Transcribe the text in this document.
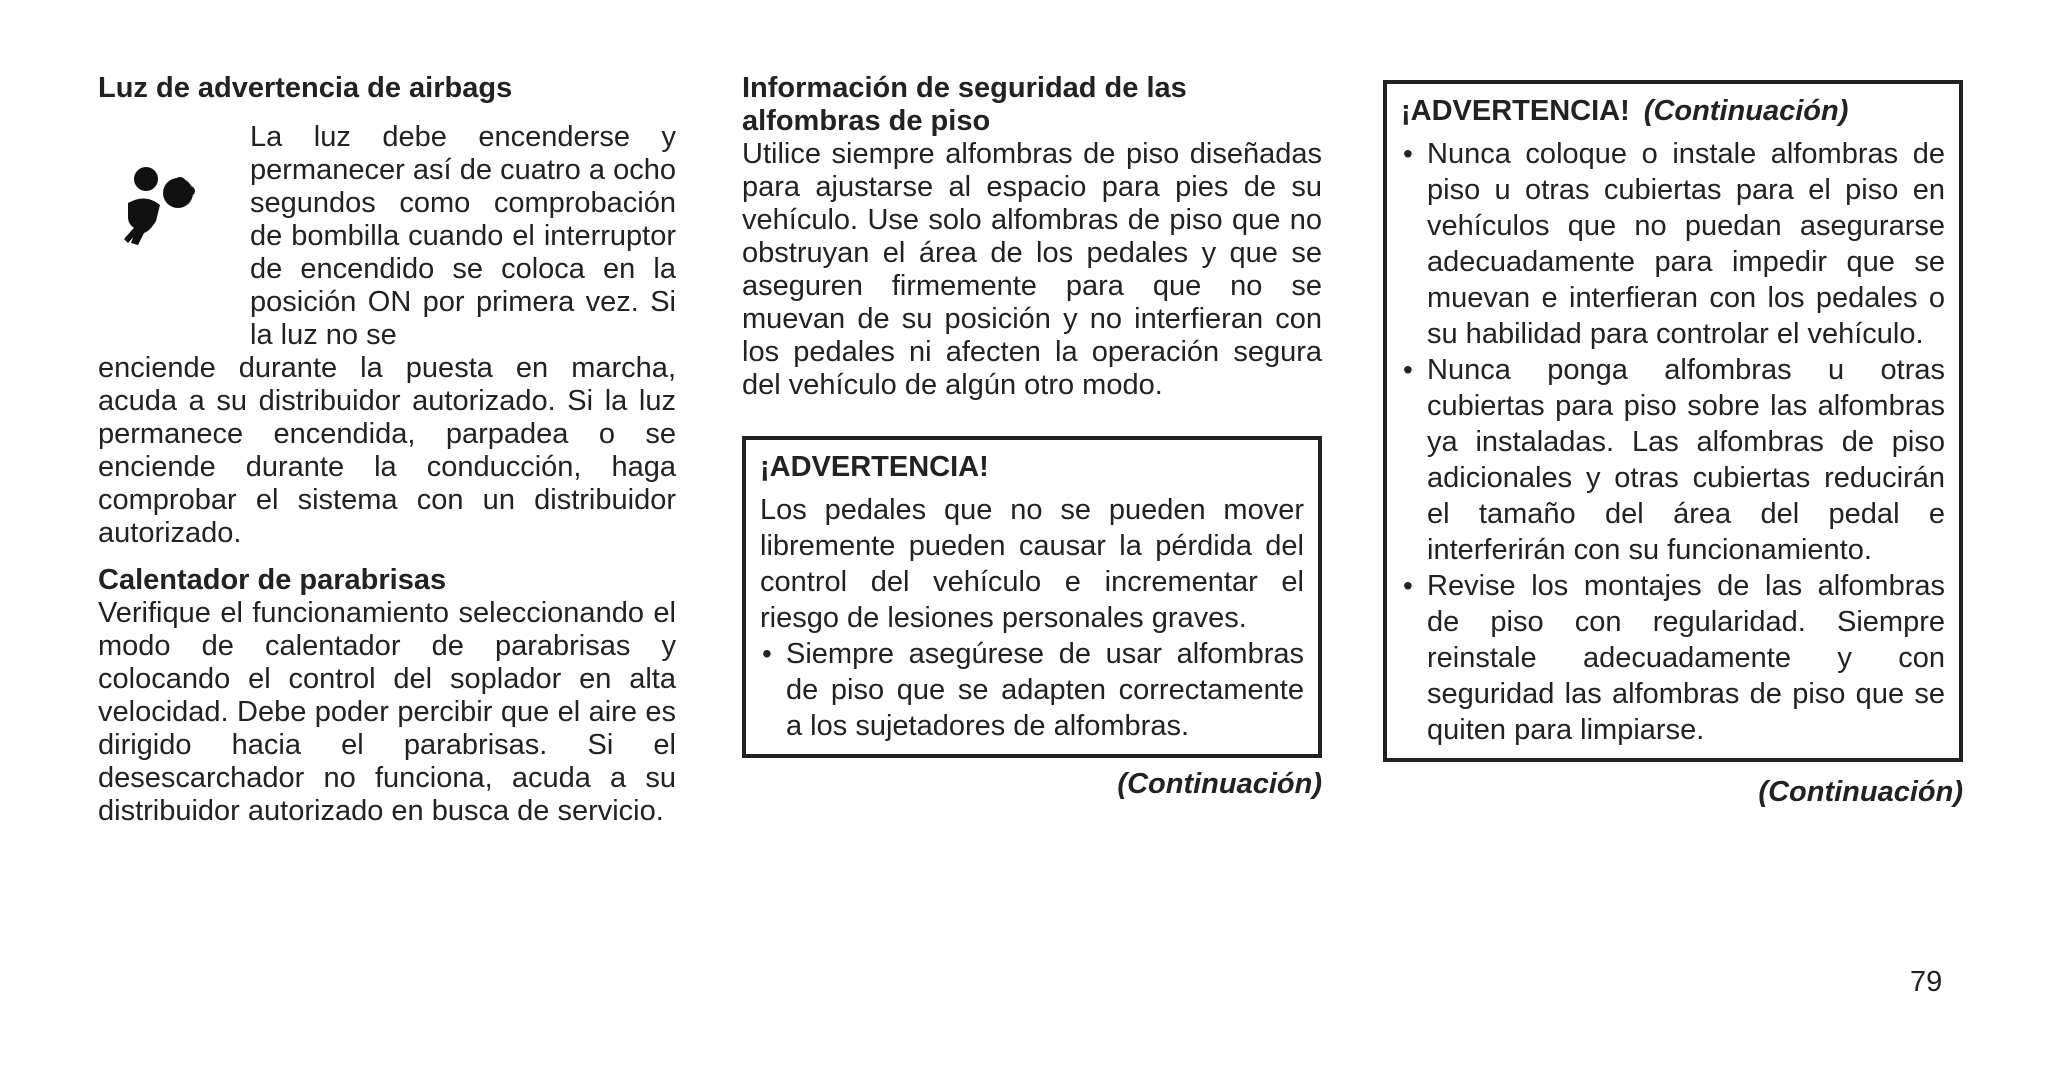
Luz de advertencia de airbags

La luz debe encenderse y permanecer así de cuatro a ocho segundos como comprobación de bombilla cuando el interruptor de encendido se coloca en la posición ON por primera vez. Si la luz no se

enciende durante la puesta en marcha, acuda a su distribuidor autorizado. Si la luz permanece encendida, parpadea o se enciende durante la conducción, haga comprobar el sistema con un distribuidor autorizado.

Calentador de parabrisas

Verifique el funcionamiento seleccionando el modo de calentador de parabrisas y colocando el control del soplador en alta velocidad. Debe poder percibir que el aire es dirigido hacia el parabrisas. Si el desescarchador no funciona, acuda a su distribuidor autorizado en busca de servicio.

Información de seguridad de las alfombras de piso

Utilice siempre alfombras de piso diseñadas para ajustarse al espacio para pies de su vehículo. Use solo alfombras de piso que no obstruyan el área de los pedales y que se aseguren firmemente para que no se muevan de su posición y no interfieran con los pedales ni afecten la operación segura del vehículo de algún otro modo.

¡ADVERTENCIA!

Los pedales que no se pueden mover libremente pueden causar la pérdida del control del vehículo e incrementar el riesgo de lesiones personales graves.

• Siempre asegúrese de usar alfombras de piso que se adapten correctamente a los sujetadores de alfombras.
(Continuación)
¡ADVERTENCIA! (Continuación)
• Nunca coloque o instale alfombras de piso u otras cubiertas para el piso en vehículos que no puedan asegurarse adecuadamente para impedir que se muevan e interfieran con los pedales o su habilidad para controlar el vehículo.
• Nunca ponga alfombras u otras cubiertas para piso sobre las alfombras ya instaladas. Las alfombras de piso adicionales y otras cubiertas reducirán el tamaño del área del pedal e interferirán con su funcionamiento.
• Revise los montajes de las alfombras de piso con regularidad. Siempre reinstale adecuadamente y con seguridad las alfombras de piso que se quiten para limpiarse.
(Continuación)
79
